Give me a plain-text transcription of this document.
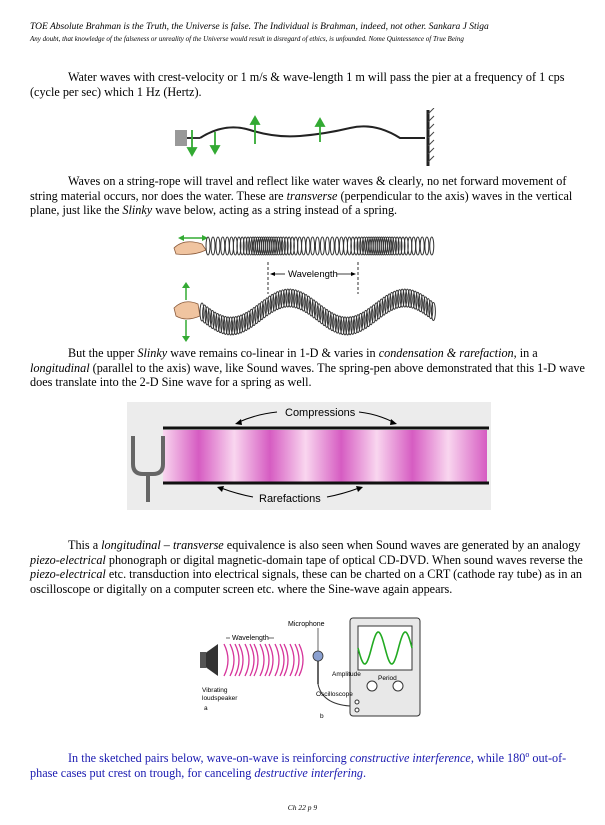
TOE Absolute Brahman is the Truth, the Universe is false. The Individual is Brahman, indeed, not other. Sankara J Stiga
Any doubt, that knowledge of the falseness or unreality of the Universe would result in disregard of ethics, is unfounded. Nome Quintessence of True Being
Water waves with crest-velocity or 1 m/s & wave-length 1 m will pass the pier at a frequency of 1 cps (cycle per sec) which 1 Hz (Hertz).
Waves on a string-rope will travel and reflect like water waves & clearly, no net forward movement of string material occurs, nor does the water. These are transverse (perpendicular to the axis) waves in the vertical plane, just like the Slinky wave below, acting as a string instead of a spring.
Wavelength
But the upper Slinky wave remains co-linear in 1-D & varies in condensation & rarefaction, in a longitudinal (parallel to the axis) wave, like Sound waves. The spring-pen above demonstrated that this 1-D wave does translate into the 2-D Sine wave for a spring as well.
Compressions
Rarefactions
This a longitudinal – transverse equivalence is also seen when Sound waves are generated by an analogy piezo-electrical phonograph or digital magnetic-domain tape of optical CD-DVD. When sound waves reverse the piezo-electrical etc. transduction into electrical signals, these can be charted on a CRT (cathode ray tube) as in an oscilloscope or digitally on a computer screen etc. where the Sine-wave again appears.
Wavelength
Microphone
Amplitude
Period
Oscilloscope
Vibrating
loudspeaker
a
b
In the sketched pairs below, wave-on-wave is reinforcing constructive interference, while 180$^o$ out-of-phase cases put crest on trough, for canceling destructive interfering.
Ch 22 p 9
